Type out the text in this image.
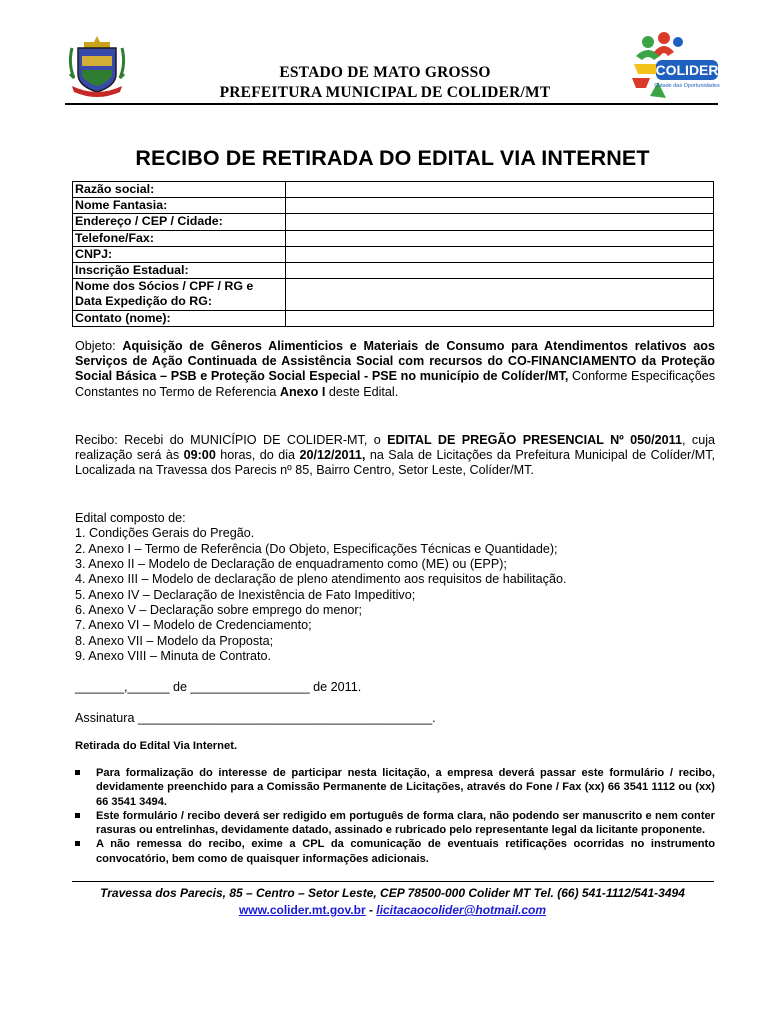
COLIDER
Cidade das Oportunidades
ESTADO DE MATO GROSSO
PREFEITURA MUNICIPAL DE COLIDER/MT
RECIBO DE RETIRADA DO EDITAL VIA INTERNET
Razão social:	
Nome Fantasia:	
Endereço / CEP / Cidade:	
Telefone/Fax:	
CNPJ:	
Inscrição Estadual:	
Nome dos Sócios / CPF / RG e Data Expedição do RG:	
Contato (nome):	
Objeto: Aquisição de Gêneros Alimenticios e Materiais de Consumo para Atendimentos relativos aos Serviços de Ação Continuada de Assistência Social com recursos do CO-FINANCIAMENTO da Proteção Social Básica – PSB e Proteção Social Especial - PSE no município de Colíder/MT, Conforme Especificações Constantes no Termo de Referencia Anexo I deste Edital.
Recibo: Recebi do MUNICÍPIO DE COLIDER-MT, o EDITAL DE PREGÃO PRESENCIAL Nº 050/2011, cuja realização será às 09:00 horas, do dia 20/12/2011, na Sala de Licitações da Prefeitura Municipal de Colíder/MT, Localizada na Travessa dos Parecis nº 85, Bairro Centro, Setor Leste, Colíder/MT.
Edital composto de:
1. Condições Gerais do Pregão.
2. Anexo I – Termo de Referência (Do Objeto, Especificações Técnicas e Quantidade);
3. Anexo II – Modelo de Declaração de enquadramento como (ME) ou (EPP);
4. Anexo III – Modelo de declaração de pleno atendimento aos requisitos de habilitação.
5. Anexo IV – Declaração de Inexistência de Fato Impeditivo;
6. Anexo V – Declaração sobre emprego do menor;
7. Anexo VI – Modelo de Credenciamento;
8. Anexo VII – Modelo da Proposta;
9. Anexo VIII – Minuta de Contrato.
_______,______ de _________________ de 2011.
Assinatura __________________________________________.
Retirada do Edital Via Internet.
Para formalização do interesse de participar nesta licitação, a empresa deverá passar este formulário / recibo, devidamente preenchido para a Comissão Permanente de Licitações, através do Fone / Fax (xx) 66 3541 1112 ou (xx) 66 3541 3494.
Este formulário / recibo deverá ser redigido em português de forma clara, não podendo ser manuscrito e nem conter rasuras ou entrelinhas, devidamente datado, assinado e rubricado pelo representante legal da licitante proponente.
A não remessa do recibo, exime a CPL da comunicação de eventuais retificações ocorridas no instrumento convocatório, bem como de quaisquer informações adicionais.
Travessa dos Parecis, 85 – Centro – Setor Leste, CEP 78500-000 Colider MT Tel. (66) 541-1112/541-3494
www.colider.mt.gov.br - licitacaocolider@hotmail.com
